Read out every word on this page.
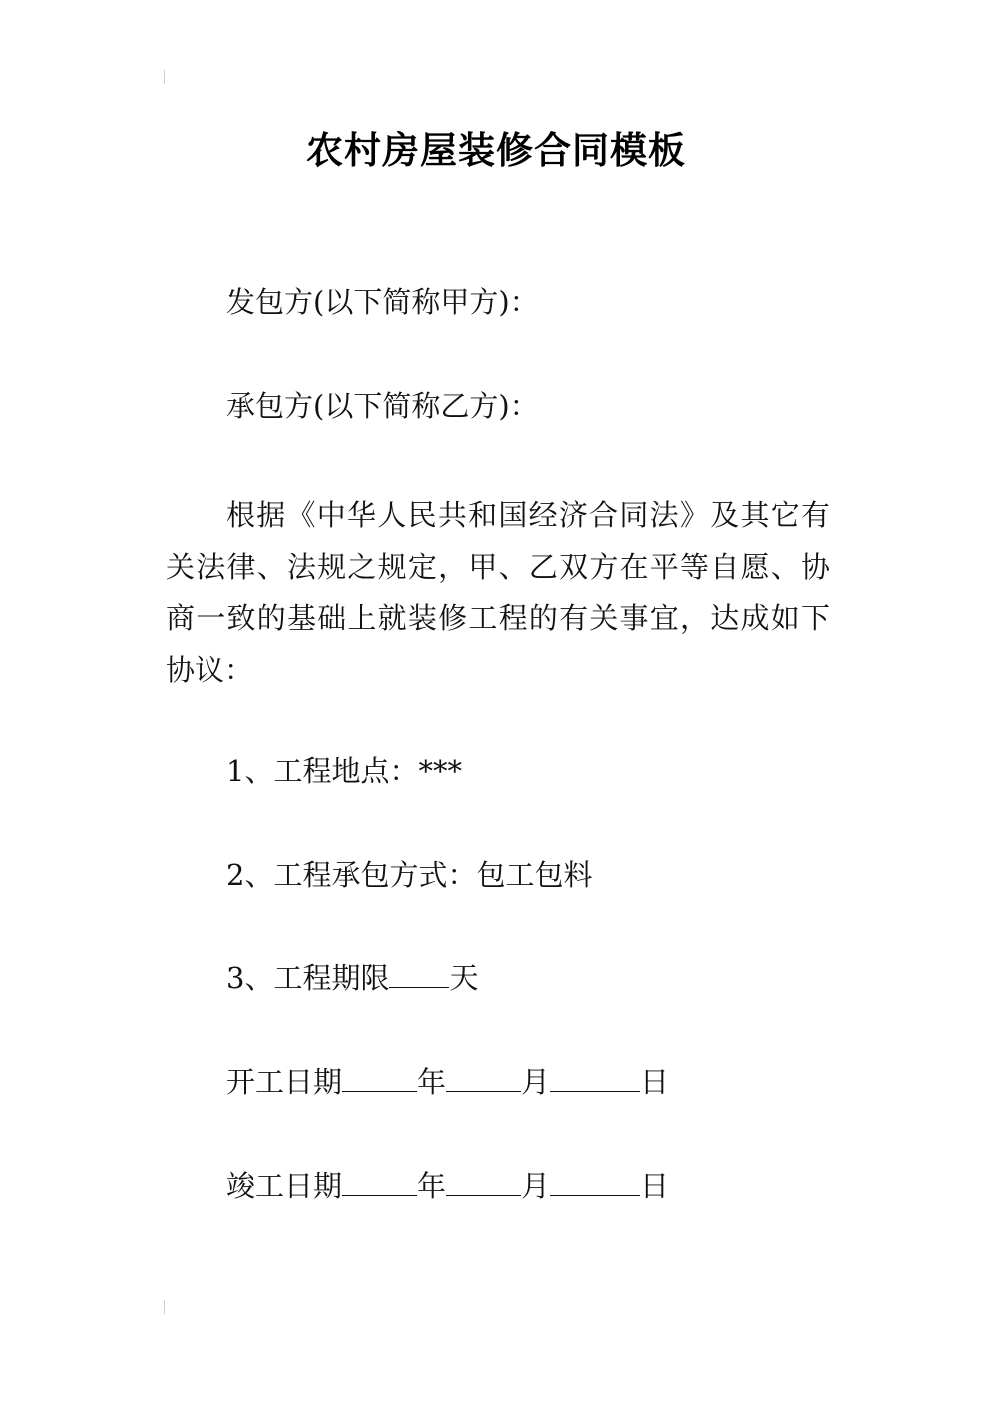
农村房屋装修合同模板

发包方(以下简称甲方)：

承包方(以下简称乙方)：

根据《中华人民共和国经济合同法》及其它有关法律、法规之规定，甲、乙双方在平等自愿、协商一致的基础上就装修工程的有关事宜，达成如下协议：

1、工程地点：***

2、工程承包方式：包工包料

3、工程期限 天

开工日期	年	月	日

竣工日期	年	月	日
